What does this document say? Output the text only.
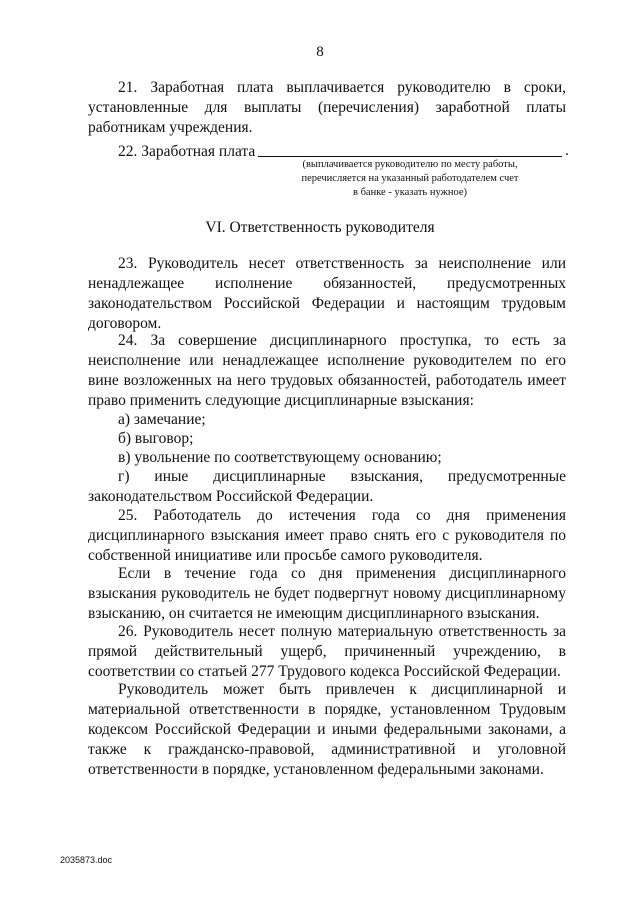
8
21. Заработная плата выплачивается руководителю в сроки, установленные для выплаты (перечисления) заработной платы работникам учреждения.
22. Заработная плата	.
(выплачивается руководителю по месту работы,
перечисляется на указанный работодателем счет
в банке - указать нужное)
VI. Ответственность руководителя
23. Руководитель несет ответственность за неисполнение или ненадлежащее исполнение обязанностей, предусмотренных законодательством Российской Федерации и настоящим трудовым договором.
24. За совершение дисциплинарного проступка, то есть за неисполнение или ненадлежащее исполнение руководителем по его вине возложенных на него трудовых обязанностей, работодатель имеет право применить следующие дисциплинарные взыскания:
а) замечание;
б) выговор;
в) увольнение по соответствующему основанию;
г) иные дисциплинарные взыскания, предусмотренные законодательством Российской Федерации.
25. Работодатель до истечения года со дня применения дисциплинарного взыскания имеет право снять его с руководителя по собственной инициативе или просьбе самого руководителя.
Если в течение года со дня применения дисциплинарного взыскания руководитель не будет подвергнут новому дисциплинарному взысканию, он считается не имеющим дисциплинарного взыскания.
26. Руководитель несет полную материальную ответственность за прямой действительный ущерб, причиненный учреждению, в соответствии со статьей 277 Трудового кодекса Российской Федерации.
Руководитель может быть привлечен к дисциплинарной и материальной ответственности в порядке, установленном Трудовым кодексом Российской Федерации и иными федеральными законами, а также к гражданско-правовой, административной и уголовной ответственности в порядке, установленном федеральными законами.
2035873.doc
